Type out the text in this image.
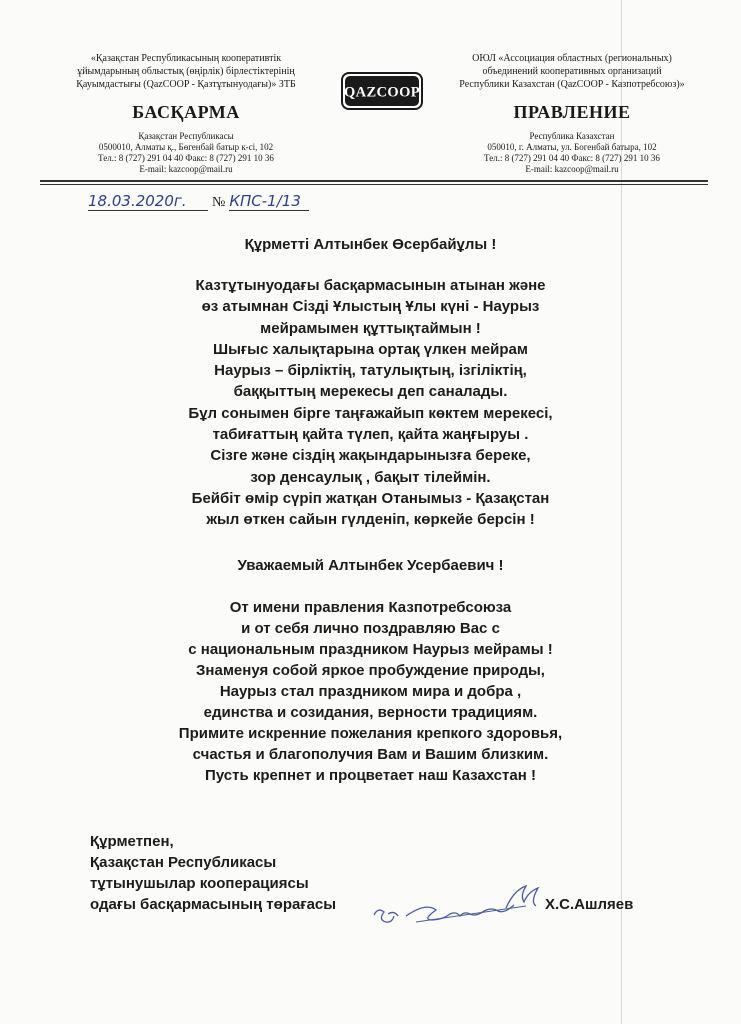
«Қазақстан Республикасының кооперативтік
ұйымдарының облыстық (өңірлік) бірлестіктерінің
Қауымдастығы (QazCOOP - Қазтұтынуодағы)» ЗТБ
БАСҚАРМА
Қазақстан Республикасы
0500010, Алматы қ., Бөгенбай батыр к-сі, 102
Тел.: 8 (727) 291 04 40 Факс: 8 (727) 291 10 36
E-mail: kazcoop@mail.ru
QAZCOOP
ОЮЛ «Ассоциация областных (региональных)
объединений кооперативных организаций
Республики Казахстан (QazCOOP - Казпотребсоюз)»
ПРАВЛЕНИЕ
Республика Казахстан
050010, г. Алматы, ул. Богенбай батыра, 102
Тел.: 8 (727) 291 04 40 Факс: 8 (727) 291 10 36
E-mail: kazcoop@mail.ru
18.03.2020г. № КПС-1/13
Құрметті Алтынбек Өсербайұлы !
Казтұтынуодағы басқармасынын атынан және
өз атымнан Сізді Ұлыстың Ұлы күні - Наурыз
мейрамымен құттықтаймын !
Шығыс халықтарына ортақ үлкен мейрам
Наурыз – бірліктің, татулықтың, ізгіліктің,
баққыттың мерекесы деп саналады.
Бұл сонымен бірге таңғажайып көктем мерекесі,
табиғаттың қайта түлеп, қайта жаңғыруы .
Сізге және сіздің жақындарынызға береке,
зор денсаулық , бақыт тілеймін.
Бейбіт өмір сүріп жатқан Отанымыз - Қазақстан
жыл өткен сайын гүлденіп, көркейе берсін !
Уважаемый Алтынбек Усербаевич !
От имени правления Казпотребсоюза
и от себя лично поздравляю Вас с
с национальным праздником Наурыз мейрамы !
Знаменуя собой яркое пробуждение природы,
Наурыз стал праздником мира и добра ,
единства и созидания, верности традициям.
Примите искренние пожелания крепкого здоровья,
счастья и благополучия Вам и Вашим близким.
Пусть крепнет и процветает наш Казахстан !
Құрметпен,
Қазақстан Республикасы
тұтынушылар кооперациясы
одағы басқармасының төрағасы	Х.С.Ашляев
